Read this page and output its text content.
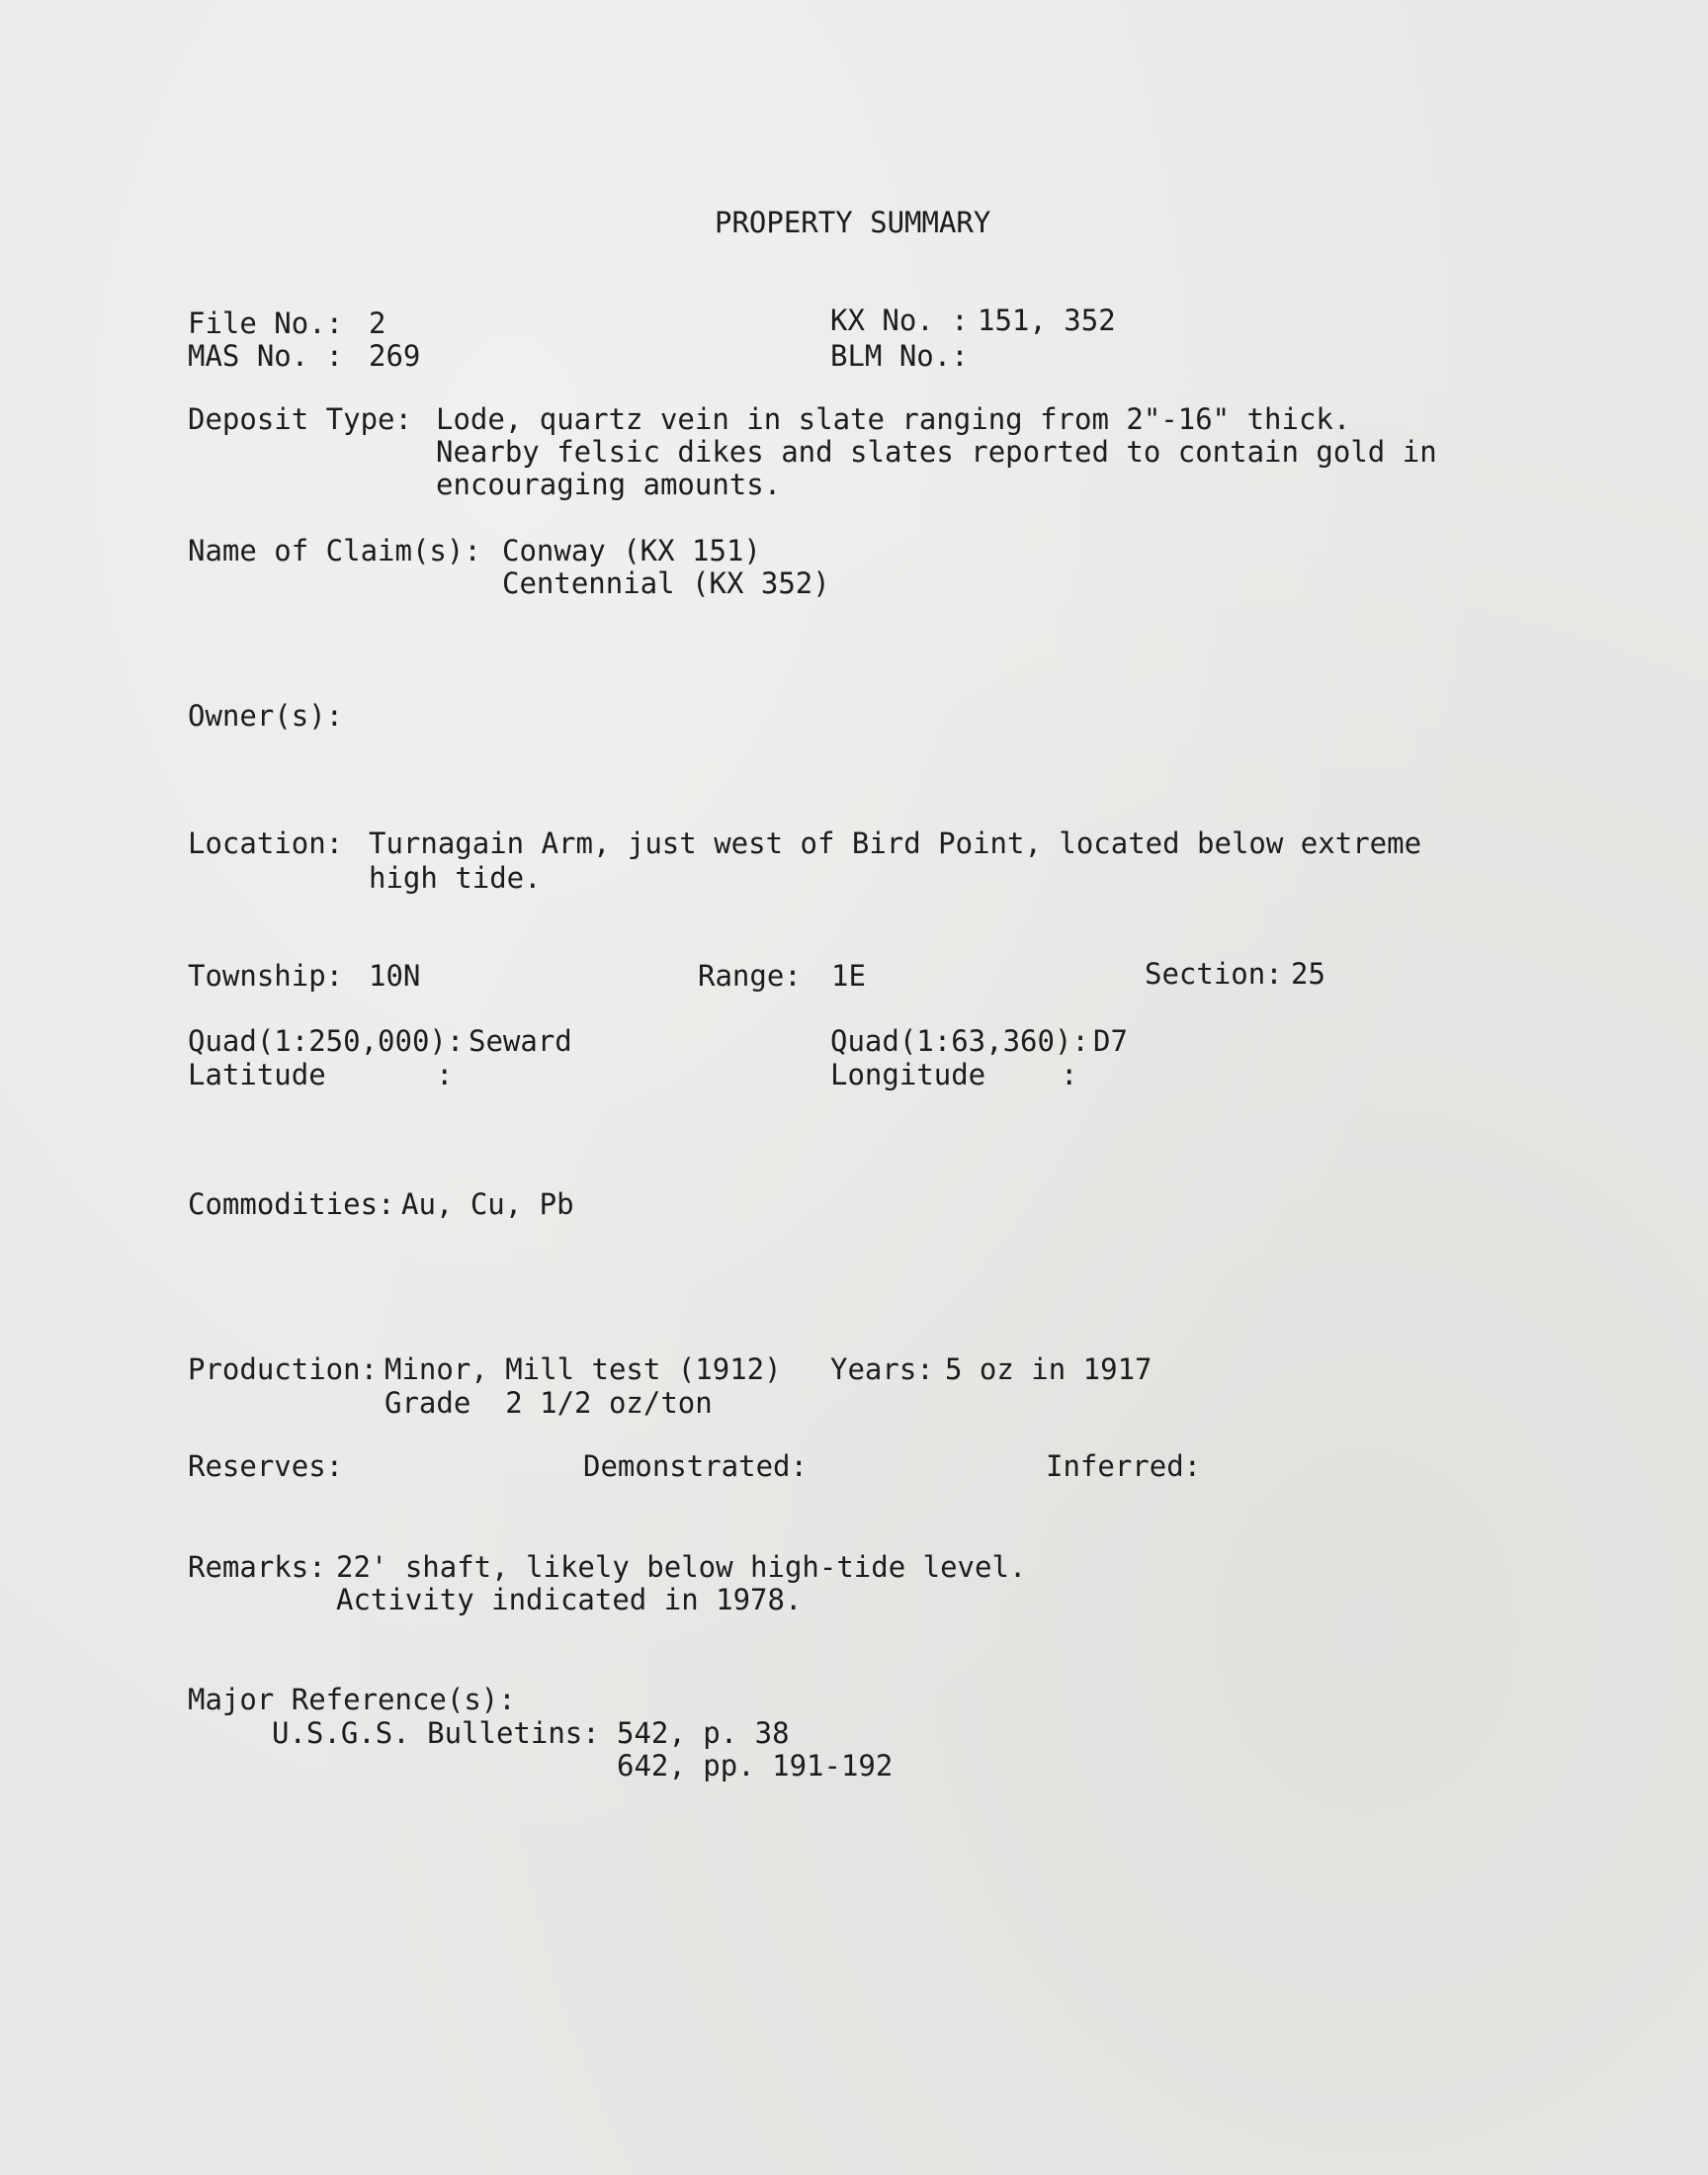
PROPERTY SUMMARY
File No.: 2	KX No. : 151, 352
MAS No. : 269	BLM No.:
Deposit Type: Lode, quartz vein in slate ranging from 2"-16" thick.
Nearby felsic dikes and slates reported to contain gold in
encouraging amounts.
Name of Claim(s): Conway (KX 151)
Centennial (KX 352)
Owner(s):
Location: Turnagain Arm, just west of Bird Point, located below extreme
high tide.
Township: 10N	Range: 1E	Section: 25
Quad(1:250,000): Seward	Quad(1:63,360): D7
Latitude	:	Longitude	:
Commodities: Au, Cu, Pb
Production: Minor, Mill test (1912)
Grade  2 1/2 oz/ton
Years: 5 oz in 1917
Reserves:	Demonstrated:	Inferred:
Remarks: 22' shaft, likely below high-tide level.
Activity indicated in 1978.
Major Reference(s):
U.S.G.S. Bulletins: 542, p. 38
642, pp. 191-192
